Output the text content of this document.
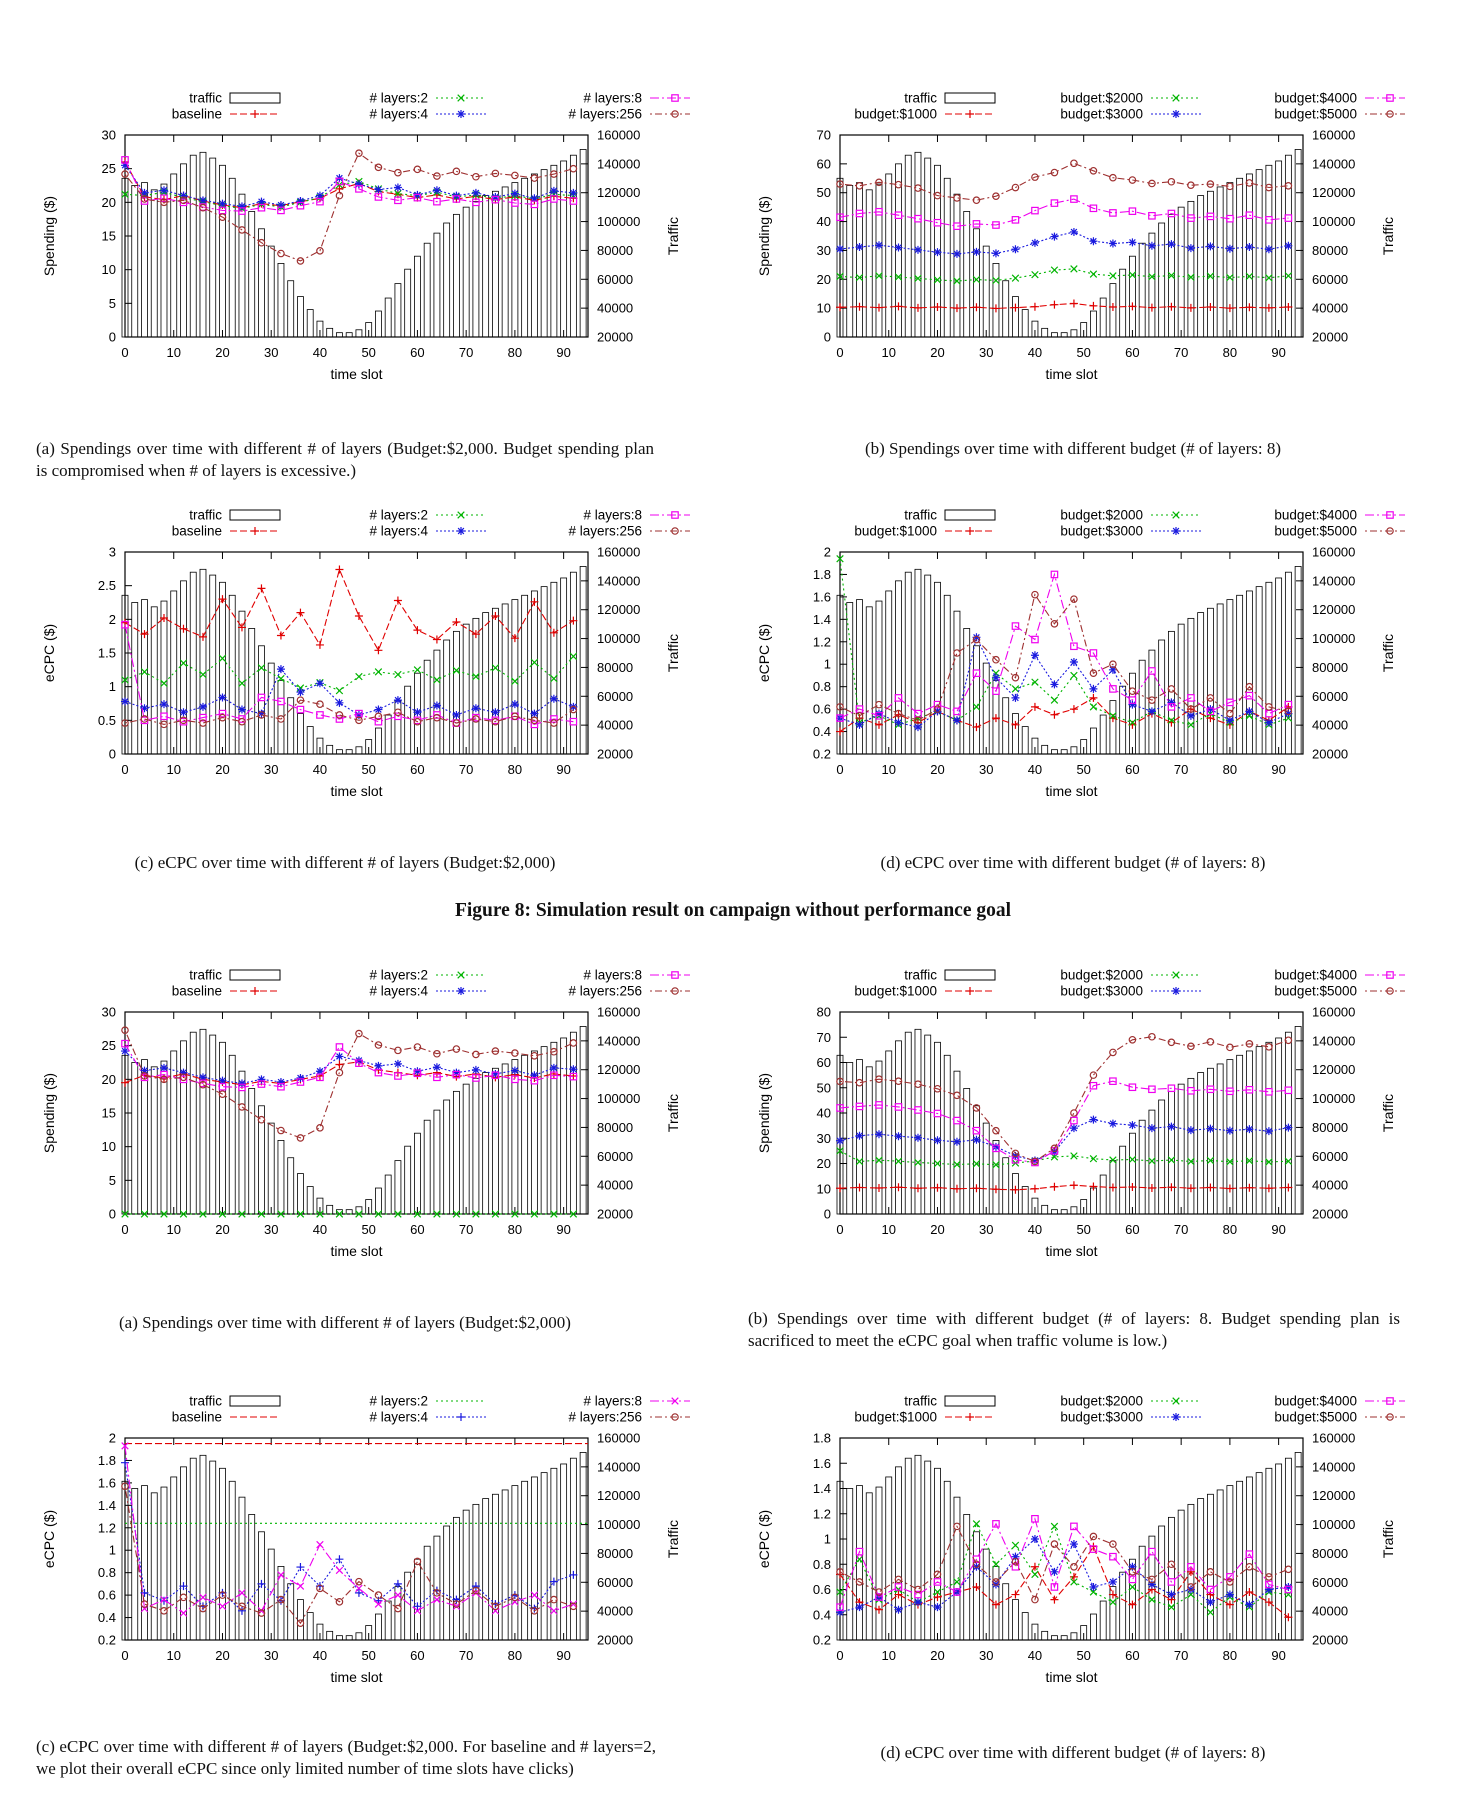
0
5
10
15
20
25
30
20000
40000
60000
80000
100000
120000
140000
160000
0	10	20	30	40	50	60	70	80	90
time slot
Spending ($)	Traffic
traffic
baseline
# layers:2
# layers:4
# layers:8
# layers:256
0
10
20
30
40
50
60
70
20000
40000
60000
80000
100000
120000
140000
160000
0	10	20	30	40	50	60	70	80	90
time slot
Spending ($)	Traffic
traffic
budget:$1000
budget:$2000
budget:$3000
budget:$4000
budget:$5000
(a) Spendings over time with different # of layers (Budget:$2,000. Budget spending plan is compromised when # of layers is excessive.)
(b) Spendings over time with different budget (# of layers: 8)
0
0.5
1
1.5
2
2.5
3
20000
40000
60000
80000
100000
120000
140000
160000
0	10	20	30	40	50	60	70	80	90
time slot
eCPC ($)	Traffic
traffic
baseline
# layers:2
# layers:4
# layers:8
# layers:256
0.2
0.4
0.6
0.8
1
1.2
1.4
1.6
1.8
2
20000
40000
60000
80000
100000
120000
140000
160000
0	10	20	30	40	50	60	70	80	90
time slot
eCPC ($)	Traffic
traffic
budget:$1000
budget:$2000
budget:$3000
budget:$4000
budget:$5000
(c) eCPC over time with different # of layers (Budget:$2,000)	(d) eCPC over time with different budget (# of layers: 8)
Figure 8: Simulation result on campaign without performance goal
0
5
10
15
20
25
30
20000
40000
60000
80000
100000
120000
140000
160000
0	10	20	30	40	50	60	70	80	90
time slot
Spending ($)	Traffic
traffic
baseline
# layers:2
# layers:4
# layers:8
# layers:256
0
10
20
30
40
50
60
70
80
20000
40000
60000
80000
100000
120000
140000
160000
0	10	20	30	40	50	60	70	80	90
time slot
Spending ($)	Traffic
traffic
budget:$1000
budget:$2000
budget:$3000
budget:$4000
budget:$5000
(a) Spendings over time with different # of layers (Budget:$2,000)	(b) Spendings over time with different budget (# of layers: 8. Budget spending plan is sacrificed to meet the eCPC goal when traffic volume is low.)
0.2
0.4
0.6
0.8
1
1.2
1.4
1.6
1.8
2
20000
40000
60000
80000
100000
120000
140000
160000
0	10	20	30	40	50	60	70	80	90
time slot
eCPC ($)	Traffic
traffic
baseline
# layers:2
# layers:4
# layers:8
# layers:256
0.2
0.4
0.6
0.8
1
1.2
1.4
1.6
1.8
20000
40000
60000
80000
100000
120000
140000
160000
0	10	20	30	40	50	60	70	80	90
time slot
eCPC ($)	Traffic
traffic
budget:$1000
budget:$2000
budget:$3000
budget:$4000
budget:$5000
(c) eCPC over time with different # of layers (Budget:$2,000. For baseline and # layers=2, we plot their overall eCPC since only limited number of time slots have clicks)
(d) eCPC over time with different budget (# of layers: 8)
